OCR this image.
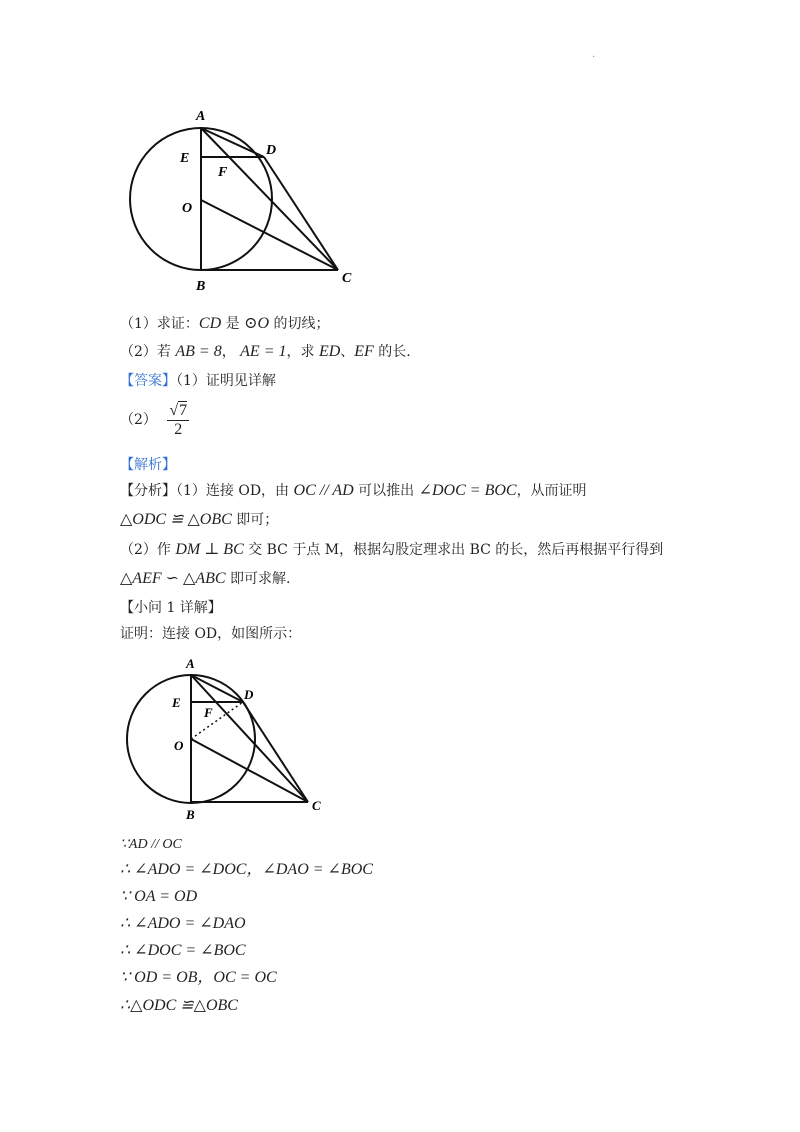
·
A
E
D
F
O
B
C
（1）求证：CD 是 ⊙O 的切线；
（2）若 AB = 8， AE = 1，求 ED、EF 的长.
【答案】（1）证明见详解
$(2) \frac{√7}{2}$
【解析】
【分析】（1）连接 OD，由 OC // AD 可以推出 ∠DOC = BOC，从而证明
△ODC ≌ △OBC 即可；
（2）作 DM ⊥ BC 交 BC 于点 M，根据勾股定理求出 BC 的长，然后再根据平行得到
△AEF ∽ △ABC 即可求解.
【小问 1 详解】
证明：连接 OD，如图所示：
A
E
D
F
O
B
C
∵AD // OC
∴ ∠ADO = ∠DOC，∠DAO = ∠BOC
∵ OA = OD
∴ ∠ADO = ∠DAO
∴ ∠DOC = ∠BOC
∵ OD = OB，OC = OC
∴△ODC ≌△OBC
